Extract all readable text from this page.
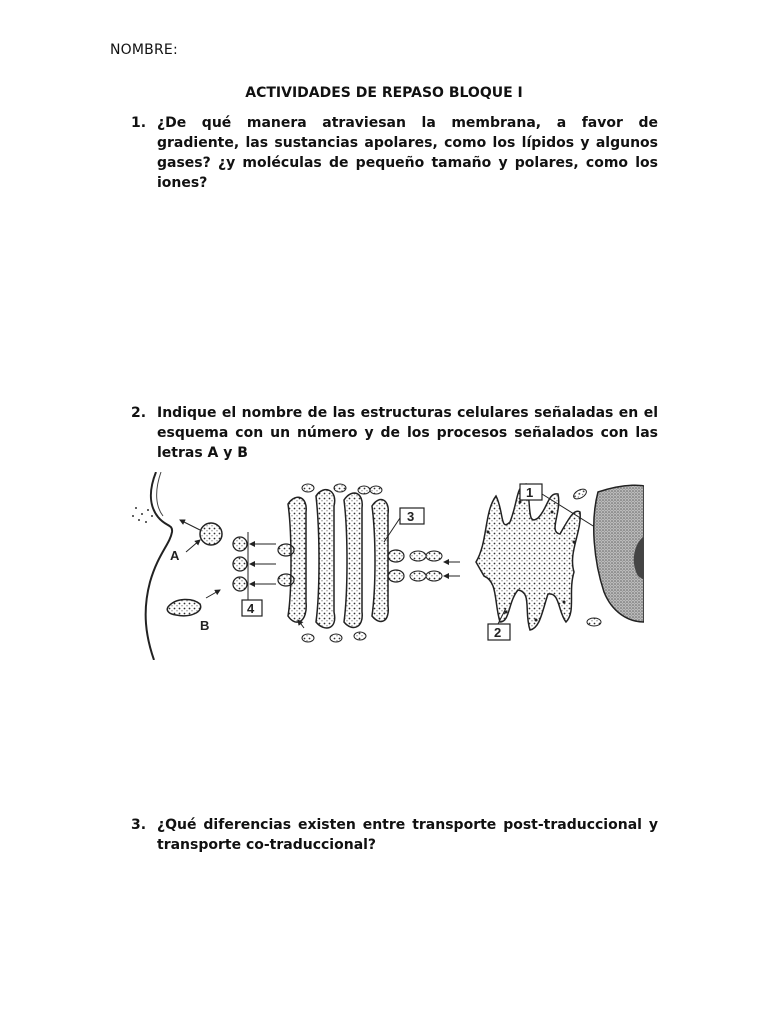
NOMBRE:
ACTIVIDADES DE REPASO BLOQUE I
1. ¿De qué manera atraviesan la membrana, a favor de gradiente, las sustancias apolares, como los lípidos y algunos gases? ¿y moléculas de pequeño tamaño y polares, como los iones?
2. Indique el nombre de las estructuras celulares señaladas en el esquema con un número y de los procesos señalados con las letras A y B
A
B
4
3
1
2
3. ¿Qué diferencias existen entre transporte post-traduccional y transporte co-traduccional?
